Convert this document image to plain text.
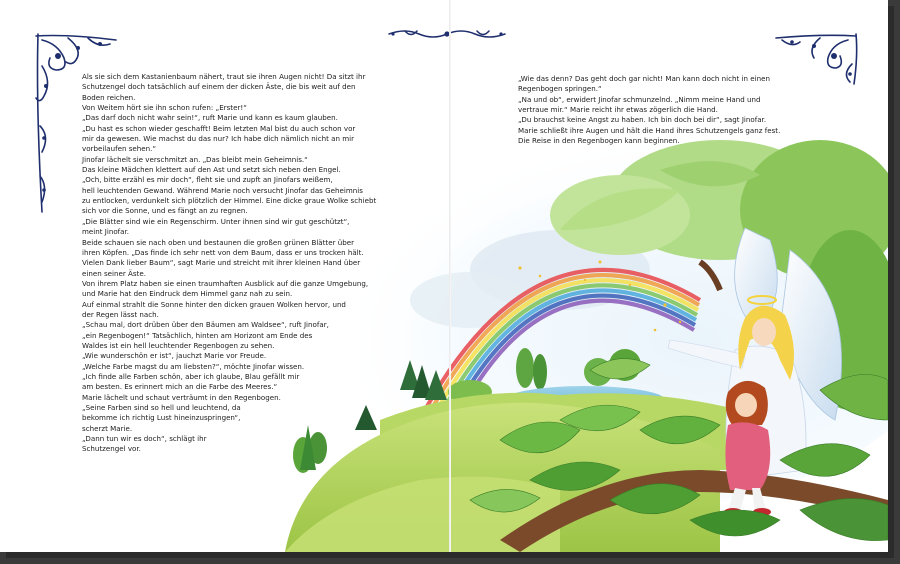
Als sie sich dem Kastanienbaum nähert, traut sie ihren Augen nicht! Da sitzt ihr
Schutzengel doch tatsächlich auf einem der dicken Äste, die bis weit auf den
Boden reichen.
Von Weitem hört sie ihn schon rufen: „Erster!“
„Das darf doch nicht wahr sein!“, ruft Marie und kann es kaum glauben.
„Du hast es schon wieder geschafft! Beim letzten Mal bist du auch schon vor
mir da gewesen. Wie machst du das nur? Ich habe dich nämlich nicht an mir
vorbeilaufen sehen.“
Jinofar lächelt sie verschmitzt an. „Das bleibt mein Geheimnis.“
Das kleine Mädchen klettert auf den Ast und setzt sich neben den Engel.
„Och, bitte erzähl es mir doch“, fleht sie und zupft an Jinofars weißem,
hell leuchtenden Gewand. Während Marie noch versucht Jinofar das Geheimnis
zu entlocken, verdunkelt sich plötzlich der Himmel. Eine dicke graue Wolke schiebt
sich vor die Sonne, und es fängt an zu regnen.
„Die Blätter sind wie ein Regenschirm. Unter ihnen sind wir gut geschützt“,
meint Jinofar.
Beide schauen sie nach oben und bestaunen die großen grünen Blätter über
ihren Köpfen. „Das finde ich sehr nett von dem Baum, dass er uns trocken hält.
Vielen Dank lieber Baum“, sagt Marie und streicht mit ihrer kleinen Hand über
einen seiner Äste.
Von ihrem Platz haben sie einen traumhaften Ausblick auf die ganze Umgebung,
und Marie hat den Eindruck dem Himmel ganz nah zu sein.
Auf einmal strahlt die Sonne hinter den dicken grauen Wolken hervor, und
der Regen lässt nach.
„Schau mal, dort drüben über den Bäumen am Waldsee“, ruft Jinofar,
„ein Regenbogen!“ Tatsächlich, hinten am Horizont am Ende des
Waldes ist ein hell leuchtender Regenbogen zu sehen.
„Wie wunderschön er ist“, jauchzt Marie vor Freude.
„Welche Farbe magst du am liebsten?“, möchte Jinofar wissen.
„Ich finde alle Farben schön, aber ich glaube, Blau gefällt mir
am besten. Es erinnert mich an die Farbe des Meeres.“
Marie lächelt und schaut verträumt in den Regenbogen.
„Seine Farben sind so hell und leuchtend, da
bekomme ich richtig Lust hineinzuspringen“,
scherzt Marie.
„Dann tun wir es doch“, schlägt ihr
Schutzengel vor.
„Wie das denn? Das geht doch gar nicht! Man kann doch nicht in einen
Regenbogen springen.“
„Na und ob“, erwidert Jinofar schmunzelnd. „Nimm meine Hand und
vertraue mir.“ Marie reicht ihr etwas zögerlich die Hand.
„Du brauchst keine Angst zu haben. Ich bin doch bei dir“, sagt Jinofar.
Marie schließt ihre Augen und hält die Hand ihres Schutzengels ganz fest.
Die Reise in den Regenbogen kann beginnen.
